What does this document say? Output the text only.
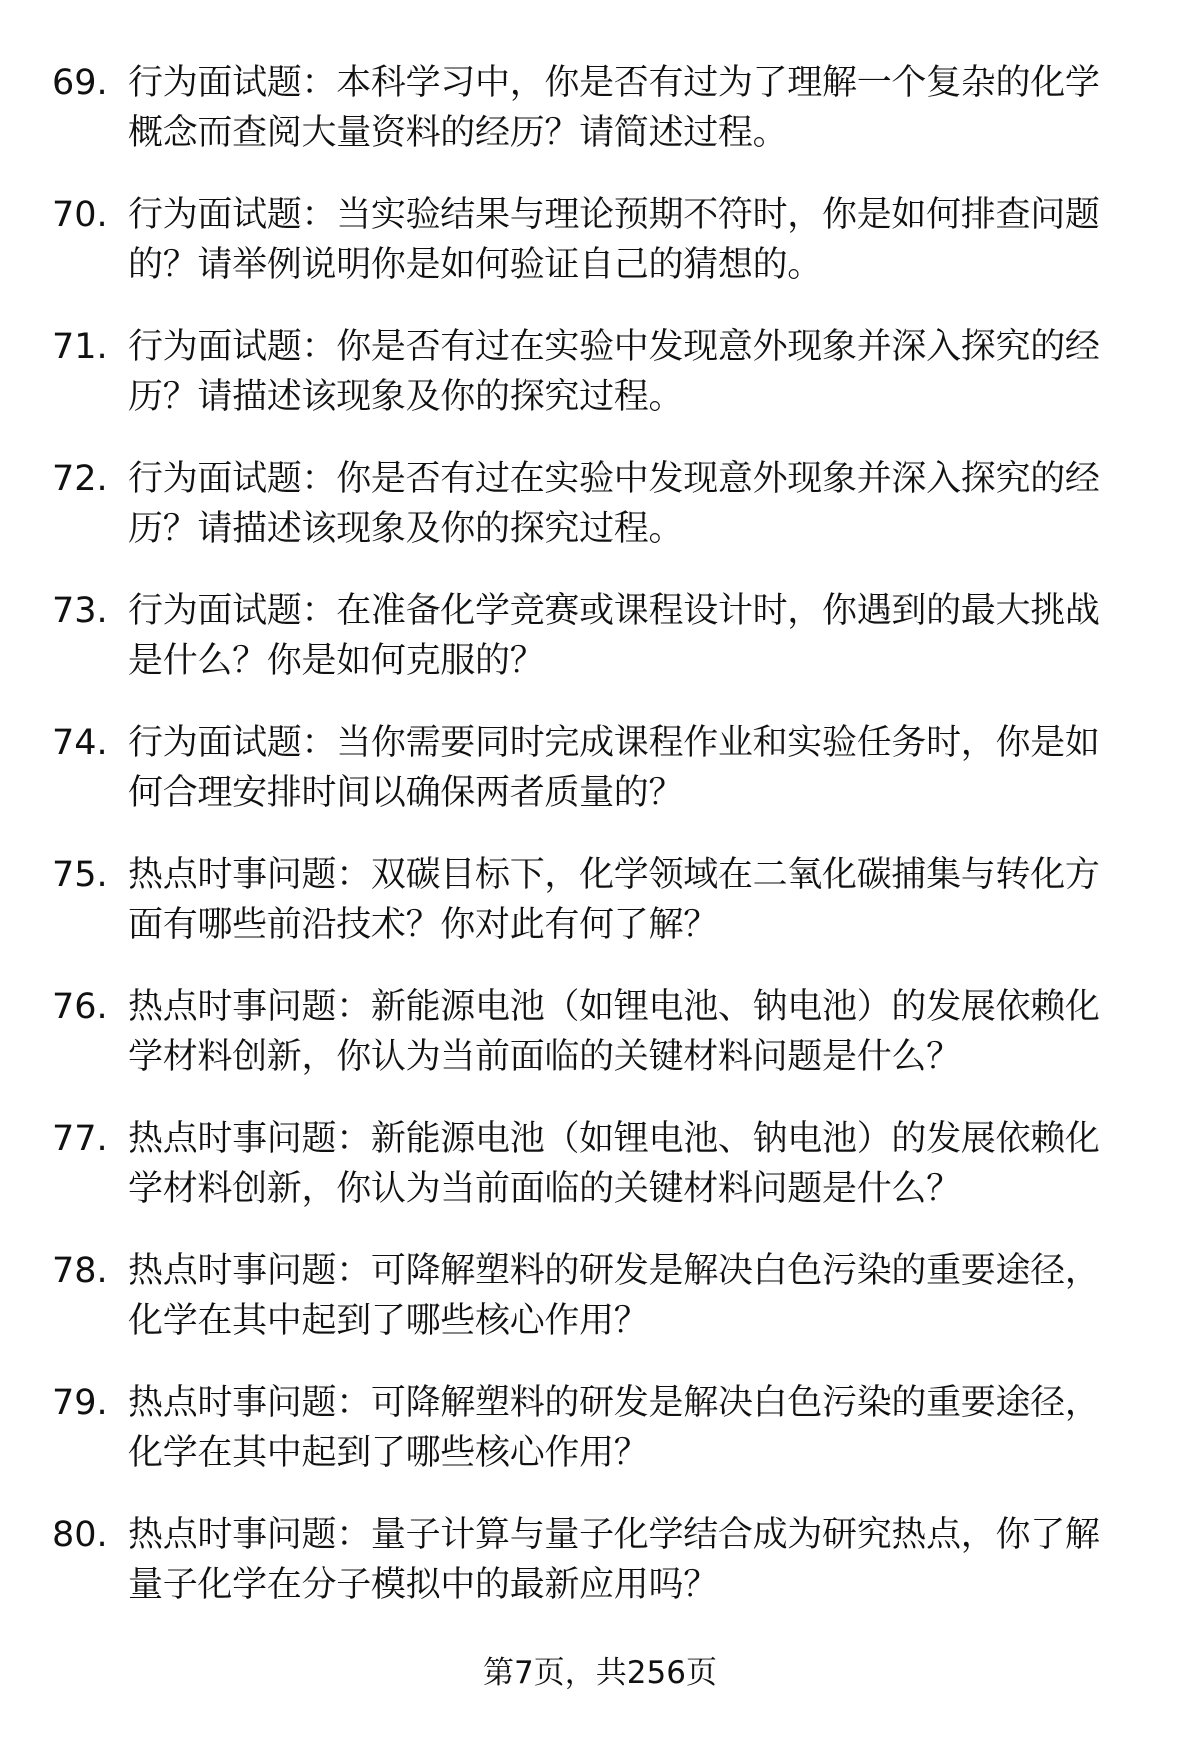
69. 行为面试题：本科学习中，你是否有过为了理解一个复杂的化学
概念而查阅大量资料的经历？请简述过程。
70. 行为面试题：当实验结果与理论预期不符时，你是如何排查问题
的？请举例说明你是如何验证自己的猜想的。
71. 行为面试题：你是否有过在实验中发现意外现象并深入探究的经
历？请描述该现象及你的探究过程。
72. 行为面试题：你是否有过在实验中发现意外现象并深入探究的经
历？请描述该现象及你的探究过程。
73. 行为面试题：在准备化学竞赛或课程设计时，你遇到的最大挑战
是什么？你是如何克服的？
74. 行为面试题：当你需要同时完成课程作业和实验任务时，你是如
何合理安排时间以确保两者质量的？
75. 热点时事问题：双碳目标下，化学领域在二氧化碳捕集与转化方
面有哪些前沿技术？你对此有何了解？
76. 热点时事问题：新能源电池（如锂电池、钠电池）的发展依赖化
学材料创新，你认为当前面临的关键材料问题是什么？
77. 热点时事问题：新能源电池（如锂电池、钠电池）的发展依赖化
学材料创新，你认为当前面临的关键材料问题是什么？
78. 热点时事问题：可降解塑料的研发是解决白色污染的重要途径，
化学在其中起到了哪些核心作用？
79. 热点时事问题：可降解塑料的研发是解决白色污染的重要途径，
化学在其中起到了哪些核心作用？
80. 热点时事问题：量子计算与量子化学结合成为研究热点，你了解
量子化学在分子模拟中的最新应用吗？
第7页，共256页
